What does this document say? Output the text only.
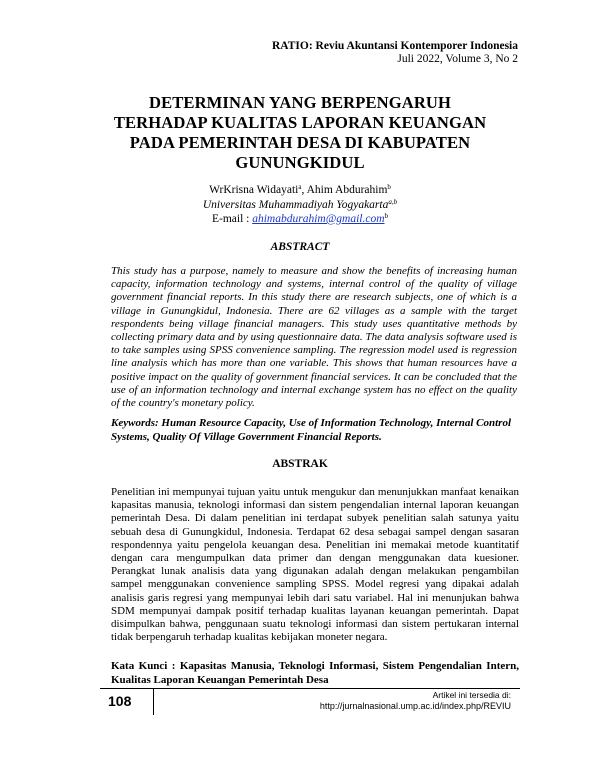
RATIO: Reviu Akuntansi Kontemporer Indonesia
Juli 2022, Volume 3, No 2
DETERMINAN YANG BERPENGARUH TERHADAP KUALITAS LAPORAN KEUANGAN PADA PEMERINTAH DESA DI KABUPATEN GUNUNGKIDUL
WrKrisna Widayati$^a$, Ahim Abdurahim$^b$
Universitas Muhammadiyah Yogyakarta$^{a,b}$
E-mail : ahimabdurahim@gmail.com$^b$
ABSTRACT
This study has a purpose, namely to measure and show the benefits of increasing human capacity, information technology and systems, internal control of the quality of village government financial reports. In this study there are research subjects, one of which is a village in Gunungkidul, Indonesia. There are 62 villages as a sample with the target respondents being village financial managers. This study uses quantitative methods by collecting primary data and by using questionnaire data. The data analysis software used is to take samples using SPSS convenience sampling. The regression model used is regression line analysis which has more than one variable. This shows that human resources have a positive impact on the quality of government financial services. It can be concluded that the use of an information technology and internal exchange system has no effect on the quality of the country's monetary policy.
Keywords: Human Resource Capacity, Use of Information Technology, Internal Control Systems, Quality Of Village Government Financial Reports.
ABSTRAK
Penelitian ini mempunyai tujuan yaitu untuk mengukur dan menunjukkan manfaat kenaikan kapasitas manusia, teknologi informasi dan sistem pengendalian internal laporan keuangan pemerintah Desa. Di dalam penelitian ini terdapat subyek penelitian salah satunya yaitu sebuah desa di Gunungkidul, Indonesia. Terdapat 62 desa sebagai sampel dengan sasaran respondennya yaitu pengelola keuangan desa. Penelitian ini memakai metode kuantitatif dengan cara mengumpulkan data primer dan dengan menggunakan data kuesioner. Perangkat lunak analisis data yang digunakan adalah dengan melakukan pengambilan sampel menggunakan convenience sampling SPSS. Model regresi yang dipakai adalah analisis garis regresi yang mempunyai lebih dari satu variabel. Hal ini menunjukan bahwa SDM mempunyai dampak positif terhadap kualitas layanan keuangan pemerintah. Dapat disimpulkan bahwa, penggunaan suatu teknologi informasi dan sistem pertukaran internal tidak berpengaruh terhadap kualitas kebijakan moneter negara.
Kata Kunci : Kapasitas Manusia, Teknologi Informasi, Sistem Pengendalian Intern, Kualitas Laporan Keuangan Pemerintah Desa
108	Artikel ini tersedia di:
http://jurnalnasional.ump.ac.id/index.php/REVIU
